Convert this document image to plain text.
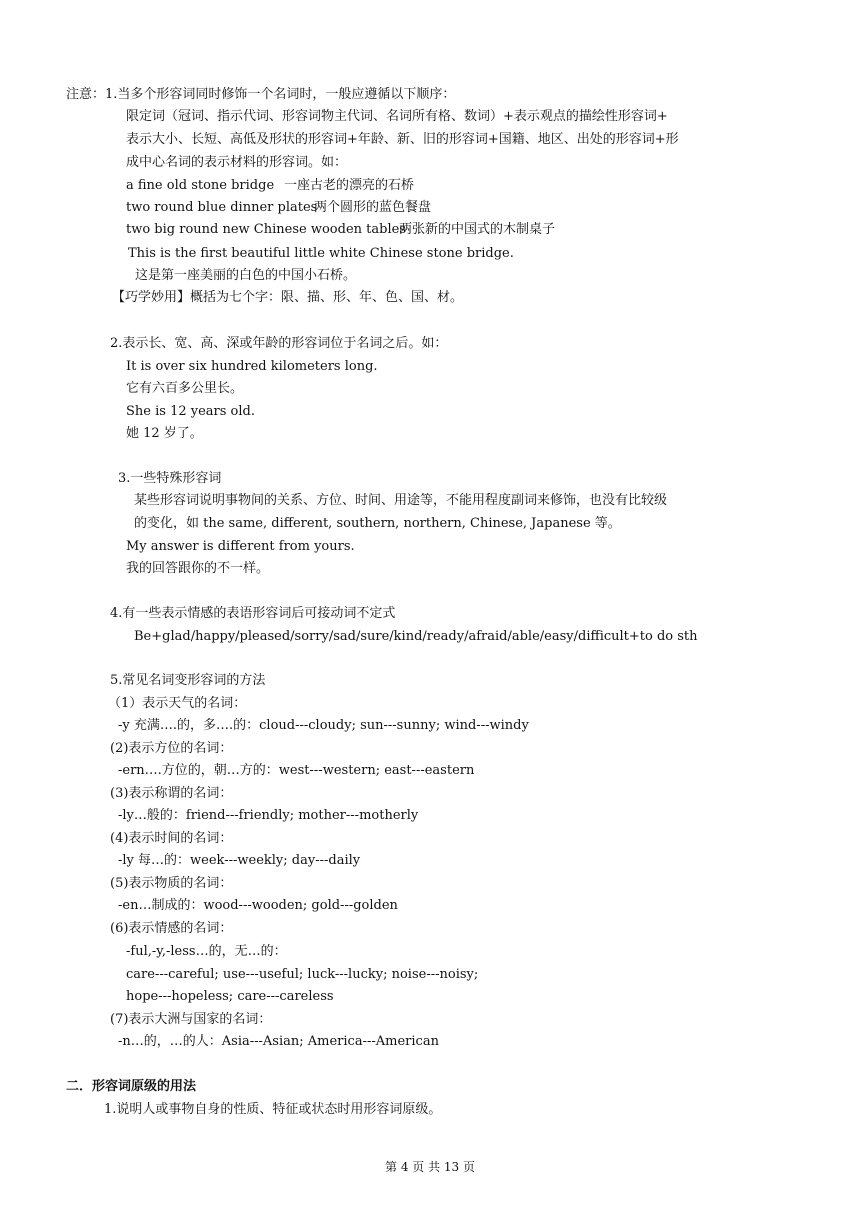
注意：1.当多个形容词同时修饰一个名词时，一般应遵循以下顺序：
限定词（冠词、指示代词、形容词物主代词、名词所有格、数词）+表示观点的描绘性形容词+
表示大小、长短、高低及形状的形容词+年龄、新、旧的形容词+国籍、地区、出处的形容词+形
成中心名词的表示材料的形容词。如：
a fine old stone bridge 一座古老的漂亮的石桥
two round blue dinner plates
两个圆形的蓝色餐盘
two big round new Chinese wooden tables
两张新的中国式的木制桌子
This is the first beautiful little white Chinese stone bridge.
这是第一座美丽的白色的中国小石桥。
【巧学妙用】概括为七个字：限、描、形、年、色、国、材。
2.表示长、宽、高、深或年龄的形容词位于名词之后。如：
It is over six hundred kilometers long.
它有六百多公里长。
She is 12 years old.
她 12 岁了。
3.一些特殊形容词
某些形容词说明事物间的关系、方位、时间、用途等，不能用程度副词来修饰，也没有比较级
的变化，如 the same, different, southern, northern, Chinese, Japanese 等。
My answer is different from yours.
我的回答跟你的不一样。
4.有一些表示情感的表语形容词后可接动词不定式
Be+glad/happy/pleased/sorry/sad/sure/kind/ready/afraid/able/easy/difficult+to do sth
5.常见名词变形容词的方法
（1）表示天气的名词：
-y 充满….的，多….的：cloud---cloudy; sun---sunny; wind---windy
(2)表示方位的名词：
-ern….方位的，朝…方的：west---western; east---eastern
(3)表示称谓的名词：
-ly…般的：friend---friendly; mother---motherly
(4)表示时间的名词：
-ly 每…的：week---weekly; day---daily
(5)表示物质的名词：
-en…制成的：wood---wooden; gold---golden
(6)表示情感的名词：
-ful,-y,-less…的，无…的：
care---careful; use---useful; luck---lucky; noise---noisy;
hope---hopeless; care---careless
(7)表示大洲与国家的名词：
-n…的，…的人：Asia---Asian; America---American
二．形容词原级的用法
1.说明人或事物自身的性质、特征或状态时用形容词原级。
第 4 页 共 13 页
